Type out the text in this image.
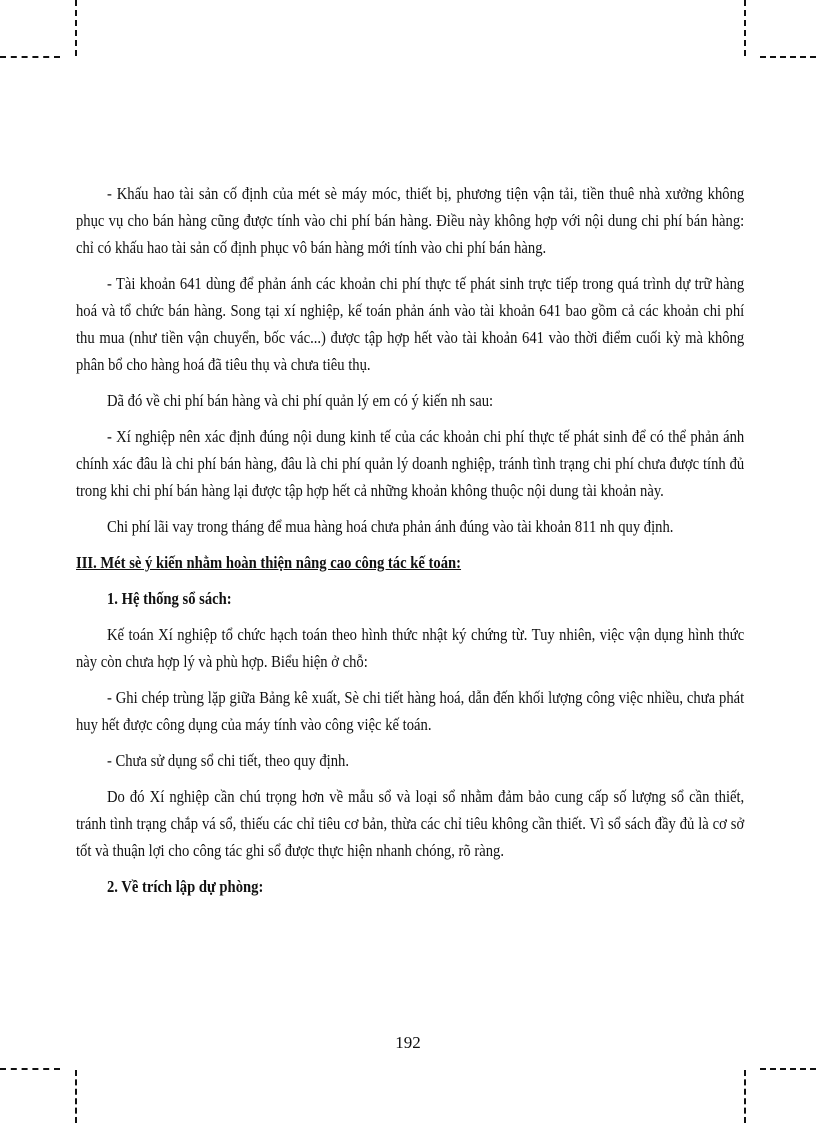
- Khấu hao tài sản cố định của mét sè máy móc, thiết bị, phương tiện vận tải, tiền thuê nhà xưởng không phục vụ cho bán hàng cũng được tính vào chi phí bán hàng. Điều này không hợp với nội dung chi phí bán hàng: chỉ có khấu hao tài sản cố định phục vô bán hàng mới tính vào chi phí bán hàng.

- Tài khoản 641 dùng để phản ánh các khoản chi phí thực tế phát sinh trực tiếp trong quá trình dự trữ hàng hoá và tổ chức bán hàng. Song tại xí nghiệp, kế toán phản ánh vào tài khoản 641 bao gồm cả các khoản chi phí thu mua (như tiền vận chuyển, bốc vác...) được tập hợp hết vào tài khoản 641 vào thời điểm cuối kỳ mà không phân bổ cho hàng hoá đã tiêu thụ và chưa tiêu thụ.

Dã đó về chi phí bán hàng và chi phí quản lý em có ý kiến nh sau:

- Xí nghiệp nên xác định đúng nội dung kinh tế của các khoản chi phí thực tế phát sinh để có thể phản ánh chính xác đâu là chi phí bán hàng, đâu là chi phí quản lý doanh nghiệp, tránh tình trạng chi phí chưa được tính đủ trong khi chi phí bán hàng lại được tập hợp hết cả những khoản không thuộc nội dung tài khoản này.

Chi phí lãi vay trong tháng để mua hàng hoá chưa phản ánh đúng vào tài khoản 811 nh quy định.

III. Mét sè ý kiến nhằm hoàn thiện nâng cao công tác kế toán:

1. Hệ thống sổ sách:

Kế toán Xí nghiệp tổ chức hạch toán theo hình thức nhật ký chứng từ. Tuy nhiên, việc vận dụng hình thức này còn chưa hợp lý và phù hợp. Biểu hiện ở chỗ:

- Ghi chép trùng lặp giữa Bảng kê xuất, Sè chi tiết hàng hoá, dẫn đến khối lượng công việc nhiều, chưa phát huy hết được công dụng của máy tính vào công việc kế toán.

- Chưa sử dụng sổ chi tiết, theo quy định.

Do đó Xí nghiệp cần chú trọng hơn về mẫu sổ và loại sổ nhằm đảm bảo cung cấp số lượng sổ cần thiết, tránh tình trạng chắp vá sổ, thiếu các chỉ tiêu cơ bản, thừa các chỉ tiêu không cần thiết. Vì sổ sách đầy đủ là cơ sở tốt và thuận lợi cho công tác ghi sổ được thực hiện nhanh chóng, rõ ràng.

2. Về trích lập dự phòng:

192
